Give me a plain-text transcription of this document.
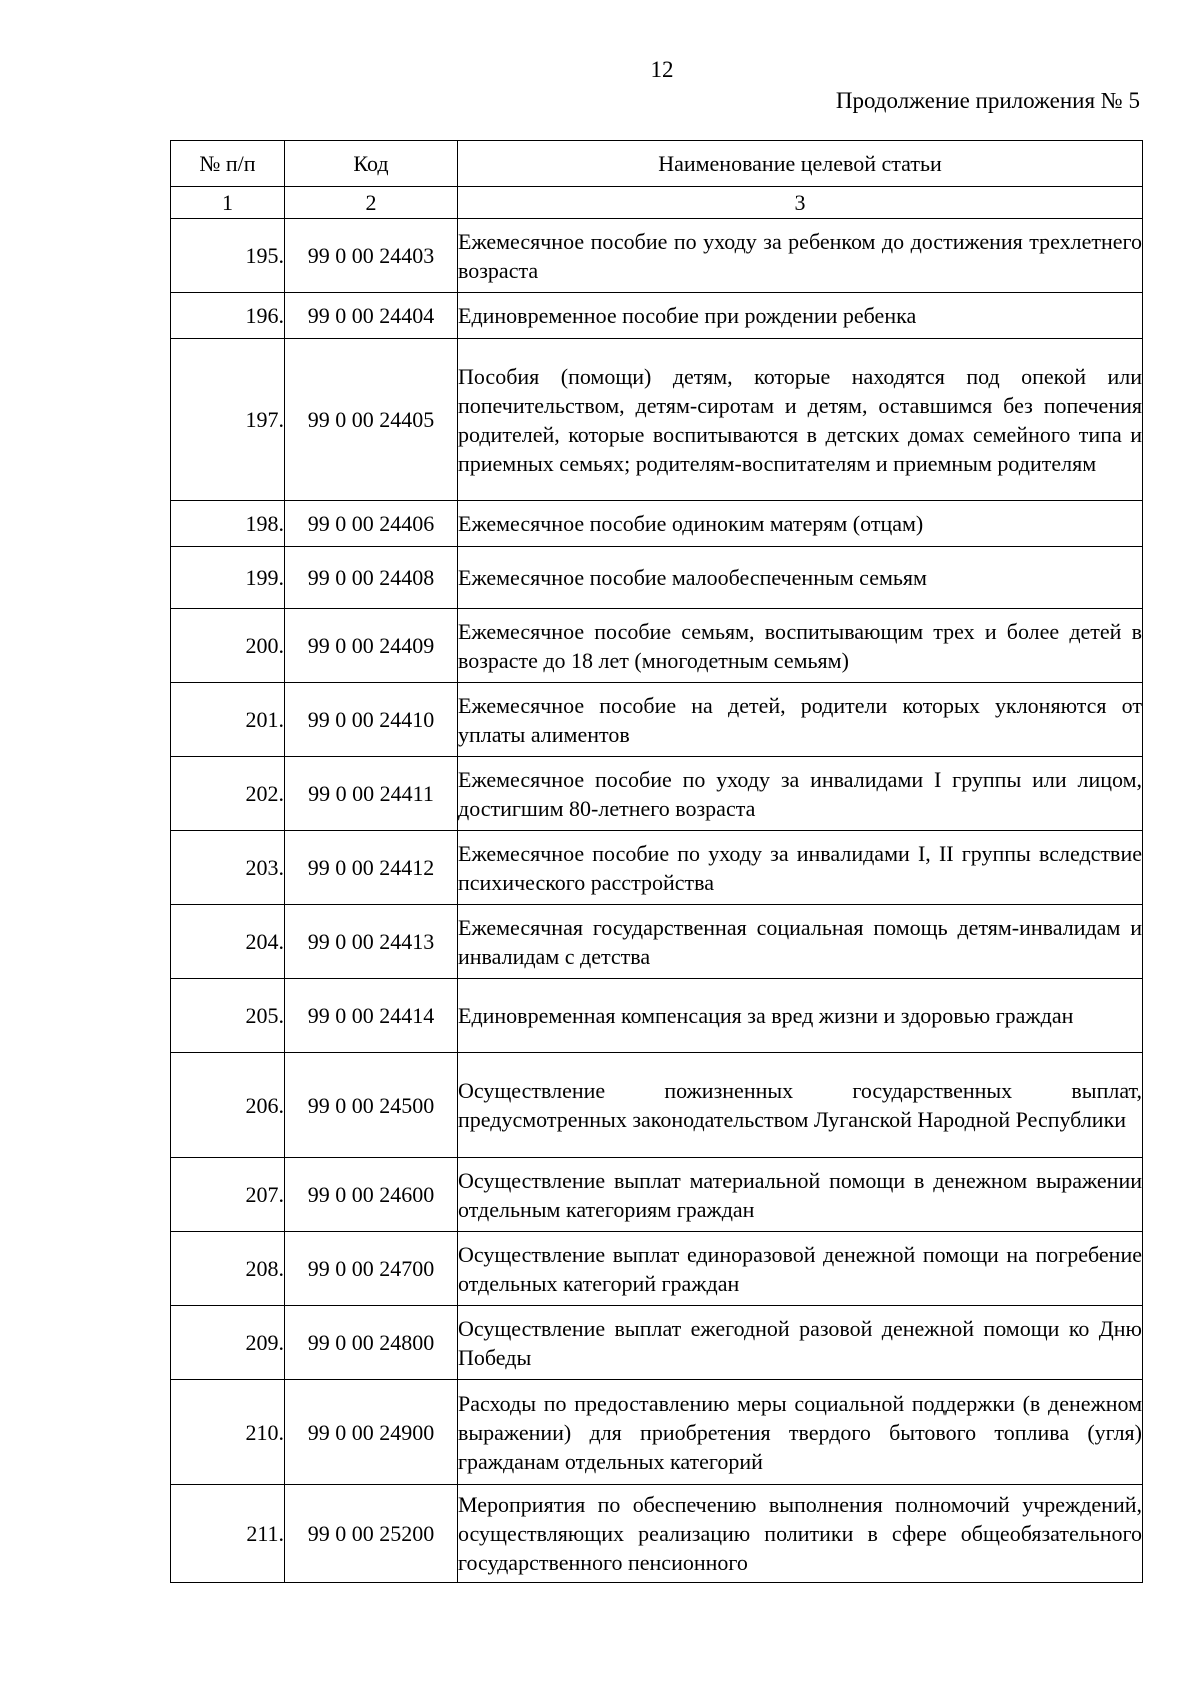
12
Продолжение приложения № 5
№ п/п	Код	Наименование целевой статьи
1	2	3
195.	99 0 00 24403	Ежемесячное пособие по уходу за ребенком до достижения трехлетнего возраста
196.	99 0 00 24404	Единовременное пособие при рождении ребенка
197.	99 0 00 24405	Пособия (помощи) детям, которые находятся под опекой или попечительством, детям-сиротам и детям, оставшимся без попечения родителей, которые воспитываются в детских домах семейного типа и приемных семьях; родителям-воспитателям и приемным родителям
198.	99 0 00 24406	Ежемесячное пособие одиноким матерям (отцам)
199.	99 0 00 24408	Ежемесячное пособие малообеспеченным семьям
200.	99 0 00 24409	Ежемесячное пособие семьям, воспитывающим трех и более детей в возрасте до 18 лет (многодетным семьям)
201.	99 0 00 24410	Ежемесячное пособие на детей, родители которых уклоняются от уплаты алиментов
202.	99 0 00 24411	Ежемесячное пособие по уходу за инвалидами I группы или лицом, достигшим 80-летнего возраста
203.	99 0 00 24412	Ежемесячное пособие по уходу за инвалидами I, II группы вследствие психического расстройства
204.	99 0 00 24413	Ежемесячная государственная социальная помощь детям-инвалидам и инвалидам с детства
205.	99 0 00 24414	Единовременная компенсация за вред жизни и здоровью граждан
206.	99 0 00 24500	Осуществление пожизненных государственных выплат, предусмотренных законодательством Луганской Народной Республики
207.	99 0 00 24600	Осуществление выплат материальной помощи в денежном выражении отдельным категориям граждан
208.	99 0 00 24700	Осуществление выплат единоразовой денежной помощи на погребение отдельных категорий граждан
209.	99 0 00 24800	Осуществление выплат ежегодной разовой денежной помощи ко Дню Победы
210.	99 0 00 24900	Расходы по предоставлению меры социальной поддержки (в денежном выражении) для приобретения твердого бытового топлива (угля) гражданам отдельных категорий
211.	99 0 00 25200	Мероприятия по обеспечению выполнения полномочий учреждений, осуществляющих реализацию политики в сфере общеобязательного государственного пенсионного
